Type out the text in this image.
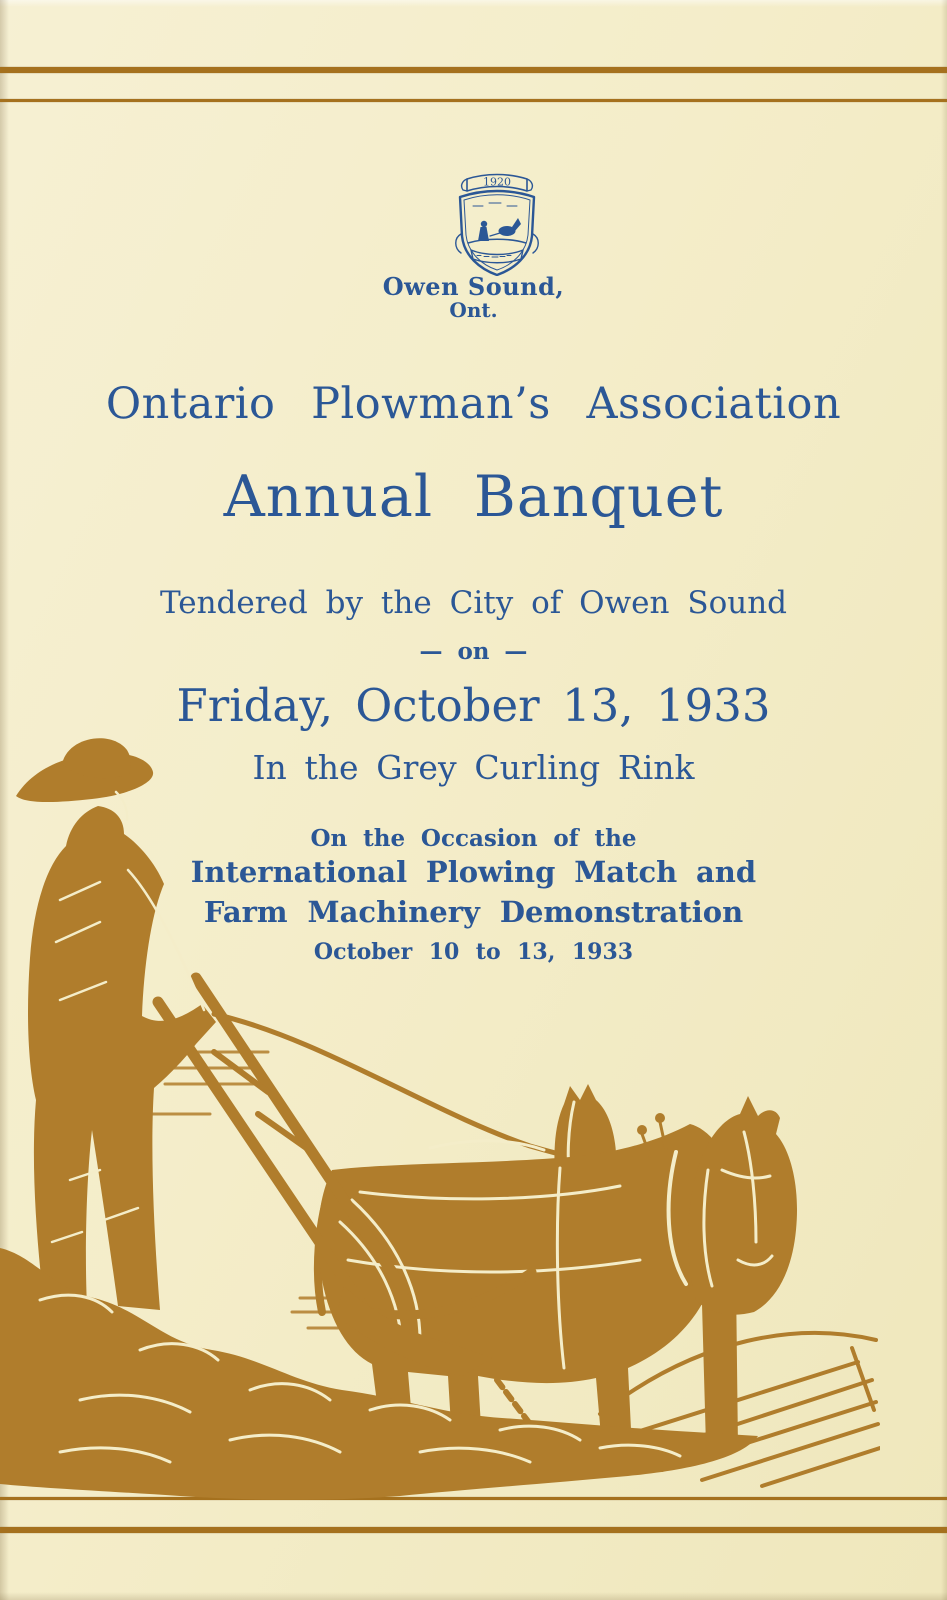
1920
Owen Sound,
Ont.
Ontario Plowman’s Association
Annual Banquet
Tendered by the City of Owen Sound
— on —
Friday, October 13, 1933
In the Grey Curling Rink
On the Occasion of the
International Plowing Match and
Farm Machinery Demonstration
October 10 to 13, 1933
